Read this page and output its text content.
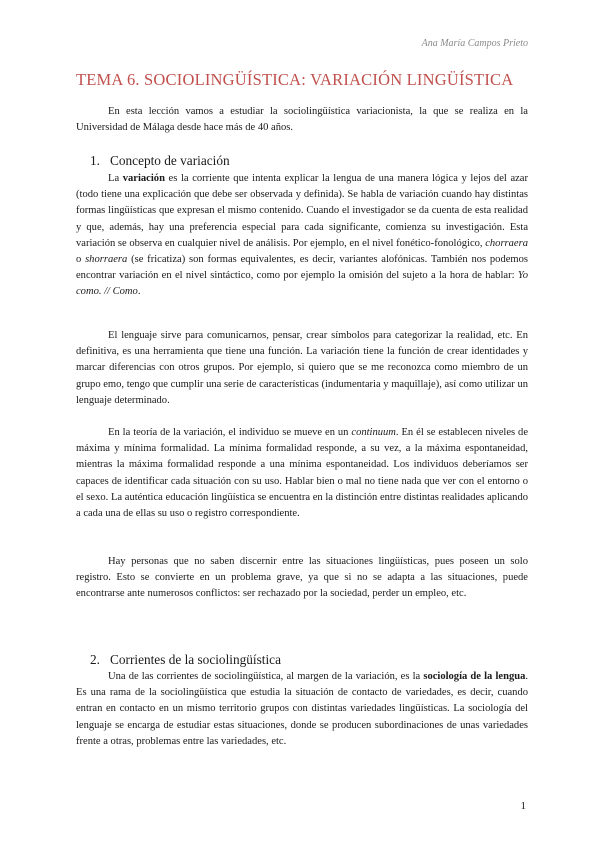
Ana María Campos Prieto
TEMA 6. SOCIOLINGÜÍSTICA: VARIACIÓN LINGÜÍSTICA

En esta lección vamos a estudiar la sociolingüística variacionista, la que se realiza en la Universidad de Málaga desde hace más de 40 años.

1. Concepto de variación

La variación es la corriente que intenta explicar la lengua de una manera lógica y lejos del azar (todo tiene una explicación que debe ser observada y definida). Se habla de variación cuando hay distintas formas lingüísticas que expresan el mismo contenido. Cuando el investigador se da cuenta de esta realidad y que, además, hay una preferencia especial para cada significante, comienza su investigación. Esta variación se observa en cualquier nivel de análisis. Por ejemplo, en el nivel fonético-fonológico, chorraera o shorraera (se fricatiza) son formas equivalentes, es decir, variantes alofónicas. También nos podemos encontrar variación en el nivel sintáctico, como por ejemplo la omisión del sujeto a la hora de hablar: Yo como. // Como.

El lenguaje sirve para comunicarnos, pensar, crear símbolos para categorizar la realidad, etc. En definitiva, es una herramienta que tiene una función. La variación tiene la función de crear identidades y marcar diferencias con otros grupos. Por ejemplo, si quiero que se me reconozca como miembro de un grupo emo, tengo que cumplir una serie de características (indumentaria y maquillaje), así como utilizar un lenguaje determinado.

En la teoría de la variación, el individuo se mueve en un continuum. En él se establecen niveles de máxima y mínima formalidad. La mínima formalidad responde, a su vez, a la máxima espontaneidad, mientras la máxima formalidad responde a una mínima espontaneidad. Los individuos deberíamos ser capaces de identificar cada situación con su uso. Hablar bien o mal no tiene nada que ver con el entorno o el sexo. La auténtica educación lingüística se encuentra en la distinción entre distintas realidades aplicando a cada una de ellas su uso o registro correspondiente.

Hay personas que no saben discernir entre las situaciones lingüísticas, pues poseen un solo registro. Esto se convierte en un problema grave, ya que si no se adapta a las situaciones, puede encontrarse ante numerosos conflictos: ser rechazado por la sociedad, perder un empleo, etc.

2. Corrientes de la sociolingüística

Una de las corrientes de sociolingüística, al margen de la variación, es la sociología de la lengua. Es una rama de la sociolingüística que estudia la situación de contacto de variedades, es decir, cuando entran en contacto en un mismo territorio grupos con distintas variedades lingüísticas. La sociología del lenguaje se encarga de estudiar estas situaciones, donde se producen subordinaciones de unas variedades frente a otras, problemas entre las variedades, etc.

1
